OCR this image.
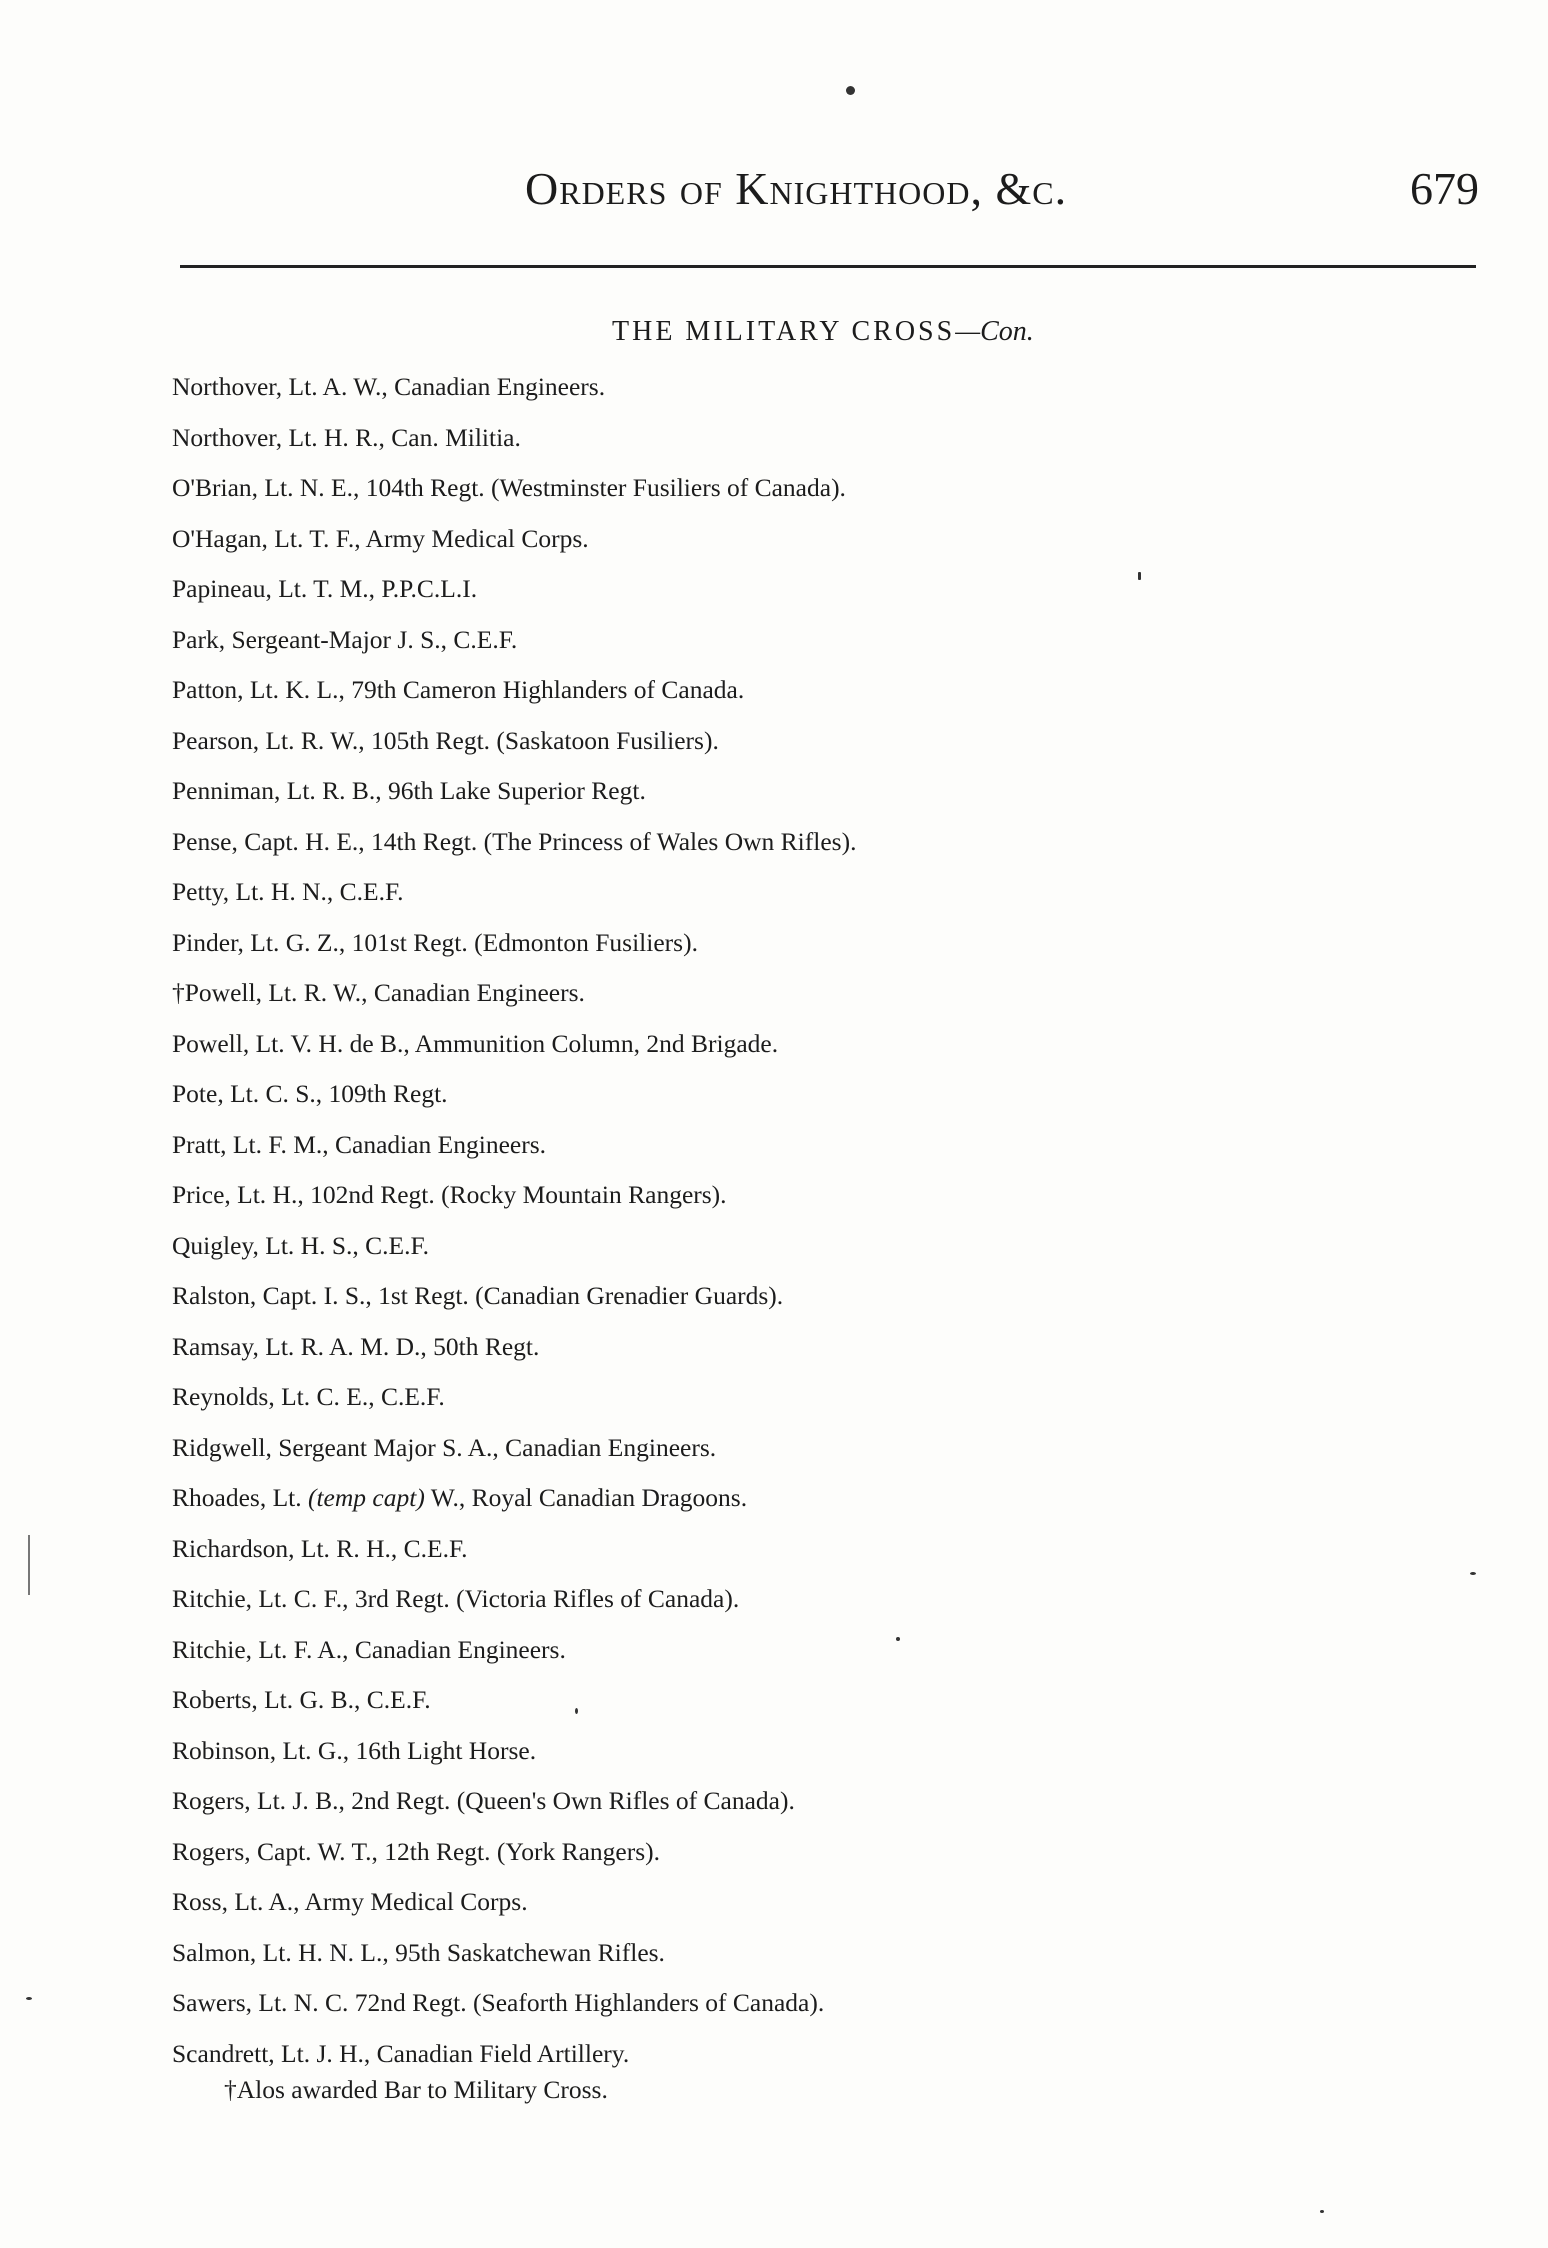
Orders of Knighthood, &c.	679
THE MILITARY CROSS—Con.
Northover, Lt. A. W., Canadian Engineers.
Northover, Lt. H. R., Can. Militia.
O'Brian, Lt. N. E., 104th Regt. (Westminster Fusiliers of Canada).
O'Hagan, Lt. T. F., Army Medical Corps.
Papineau, Lt. T. M., P.P.C.L.I.
Park, Sergeant-Major J. S., C.E.F.
Patton, Lt. K. L., 79th Cameron Highlanders of Canada.
Pearson, Lt. R. W., 105th Regt. (Saskatoon Fusiliers).
Penniman, Lt. R. B., 96th Lake Superior Regt.
Pense, Capt. H. E., 14th Regt. (The Princess of Wales Own Rifles).
Petty, Lt. H. N., C.E.F.
Pinder, Lt. G. Z., 101st Regt. (Edmonton Fusiliers).
†Powell, Lt. R. W., Canadian Engineers.
Powell, Lt. V. H. de B., Ammunition Column, 2nd Brigade.
Pote, Lt. C. S., 109th Regt.
Pratt, Lt. F. M., Canadian Engineers.
Price, Lt. H., 102nd Regt. (Rocky Mountain Rangers).
Quigley, Lt. H. S., C.E.F.
Ralston, Capt. I. S., 1st Regt. (Canadian Grenadier Guards).
Ramsay, Lt. R. A. M. D., 50th Regt.
Reynolds, Lt. C. E., C.E.F.
Ridgwell, Sergeant Major S. A., Canadian Engineers.
Rhoades, Lt. (temp capt) W., Royal Canadian Dragoons.
Richardson, Lt. R. H., C.E.F.
Ritchie, Lt. C. F., 3rd Regt. (Victoria Rifles of Canada).
Ritchie, Lt. F. A., Canadian Engineers.
Roberts, Lt. G. B., C.E.F.
Robinson, Lt. G., 16th Light Horse.
Rogers, Lt. J. B., 2nd Regt. (Queen's Own Rifles of Canada).
Rogers, Capt. W. T., 12th Regt. (York Rangers).
Ross, Lt. A., Army Medical Corps.
Salmon, Lt. H. N. L., 95th Saskatchewan Rifles.
Sawers, Lt. N. C. 72nd Regt. (Seaforth Highlanders of Canada).
Scandrett, Lt. J. H., Canadian Field Artillery.
†Alos awarded Bar to Military Cross.
